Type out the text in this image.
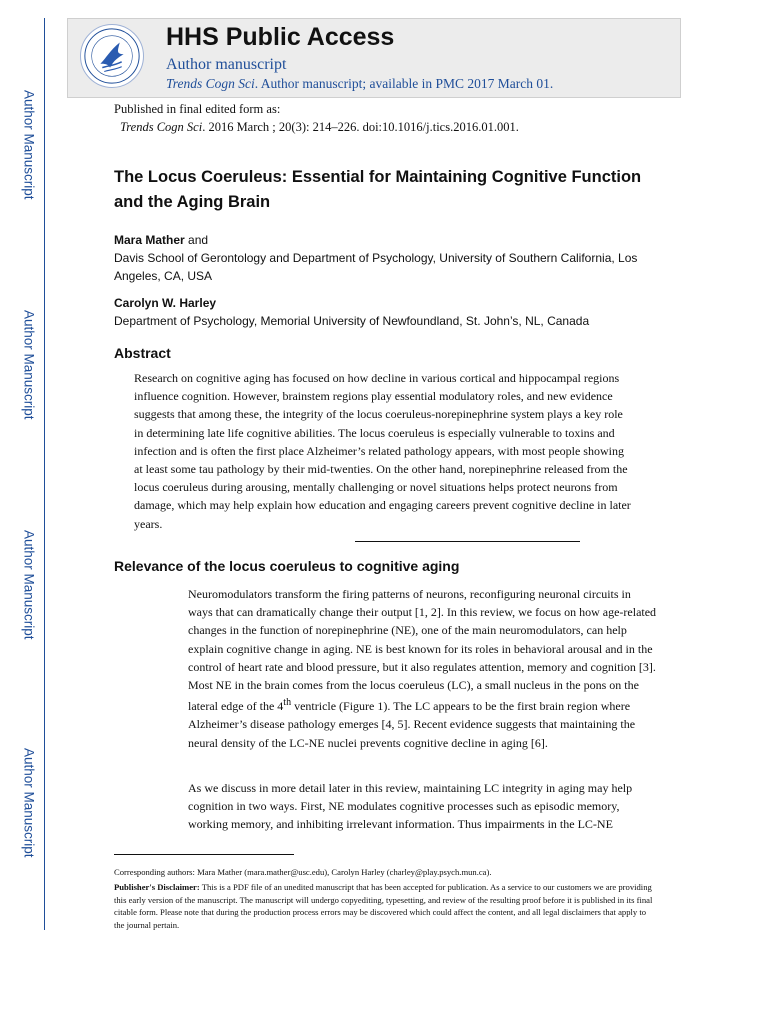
Author Manuscript
Author Manuscript
Author Manuscript
Author Manuscript
HHS Public Access
Author manuscript
Trends Cogn Sci. Author manuscript; available in PMC 2017 March 01.
Published in final edited form as:
Trends Cogn Sci. 2016 March ; 20(3): 214–226. doi:10.1016/j.tics.2016.01.001.
The Locus Coeruleus: Essential for Maintaining Cognitive Function and the Aging Brain
Mara Mather and
Davis School of Gerontology and Department of Psychology, University of Southern California, Los Angeles, CA, USA
Carolyn W. Harley
Department of Psychology, Memorial University of Newfoundland, St. John’s, NL, Canada
Abstract
Research on cognitive aging has focused on how decline in various cortical and hippocampal regions influence cognition. However, brainstem regions play essential modulatory roles, and new evidence suggests that among these, the integrity of the locus coeruleus-norepinephrine system plays a key role in determining late life cognitive abilities. The locus coeruleus is especially vulnerable to toxins and infection and is often the first place Alzheimer’s related pathology appears, with most people showing at least some tau pathology by their mid-twenties. On the other hand, norepinephrine released from the locus coeruleus during arousing, mentally challenging or novel situations helps protect neurons from damage, which may help explain how education and engaging careers prevent cognitive decline in later years.
Relevance of the locus coeruleus to cognitive aging
Neuromodulators transform the firing patterns of neurons, reconfiguring neuronal circuits in ways that can dramatically change their output [1, 2]. In this review, we focus on how age-related changes in the function of norepinephrine (NE), one of the main neuromodulators, can help explain cognitive change in aging. NE is best known for its roles in behavioral arousal and in the control of heart rate and blood pressure, but it also regulates attention, memory and cognition [3]. Most NE in the brain comes from the locus coeruleus (LC), a small nucleus in the pons on the lateral edge of the 4th ventricle (Figure 1). The LC appears to be the first brain region where Alzheimer’s disease pathology emerges [4, 5]. Recent evidence suggests that maintaining the neural density of the LC-NE nuclei prevents cognitive decline in aging [6].
As we discuss in more detail later in this review, maintaining LC integrity in aging may help cognition in two ways. First, NE modulates cognitive processes such as episodic memory, working memory, and inhibiting irrelevant information. Thus impairments in the LC-NE
Corresponding authors: Mara Mather (mara.mather@usc.edu), Carolyn Harley (charley@play.psych.mun.ca).
Publisher's Disclaimer: This is a PDF file of an unedited manuscript that has been accepted for publication. As a service to our customers we are providing this early version of the manuscript. The manuscript will undergo copyediting, typesetting, and review of the resulting proof before it is published in its final citable form. Please note that during the production process errors may be discovered which could affect the content, and all legal disclaimers that apply to the journal pertain.
